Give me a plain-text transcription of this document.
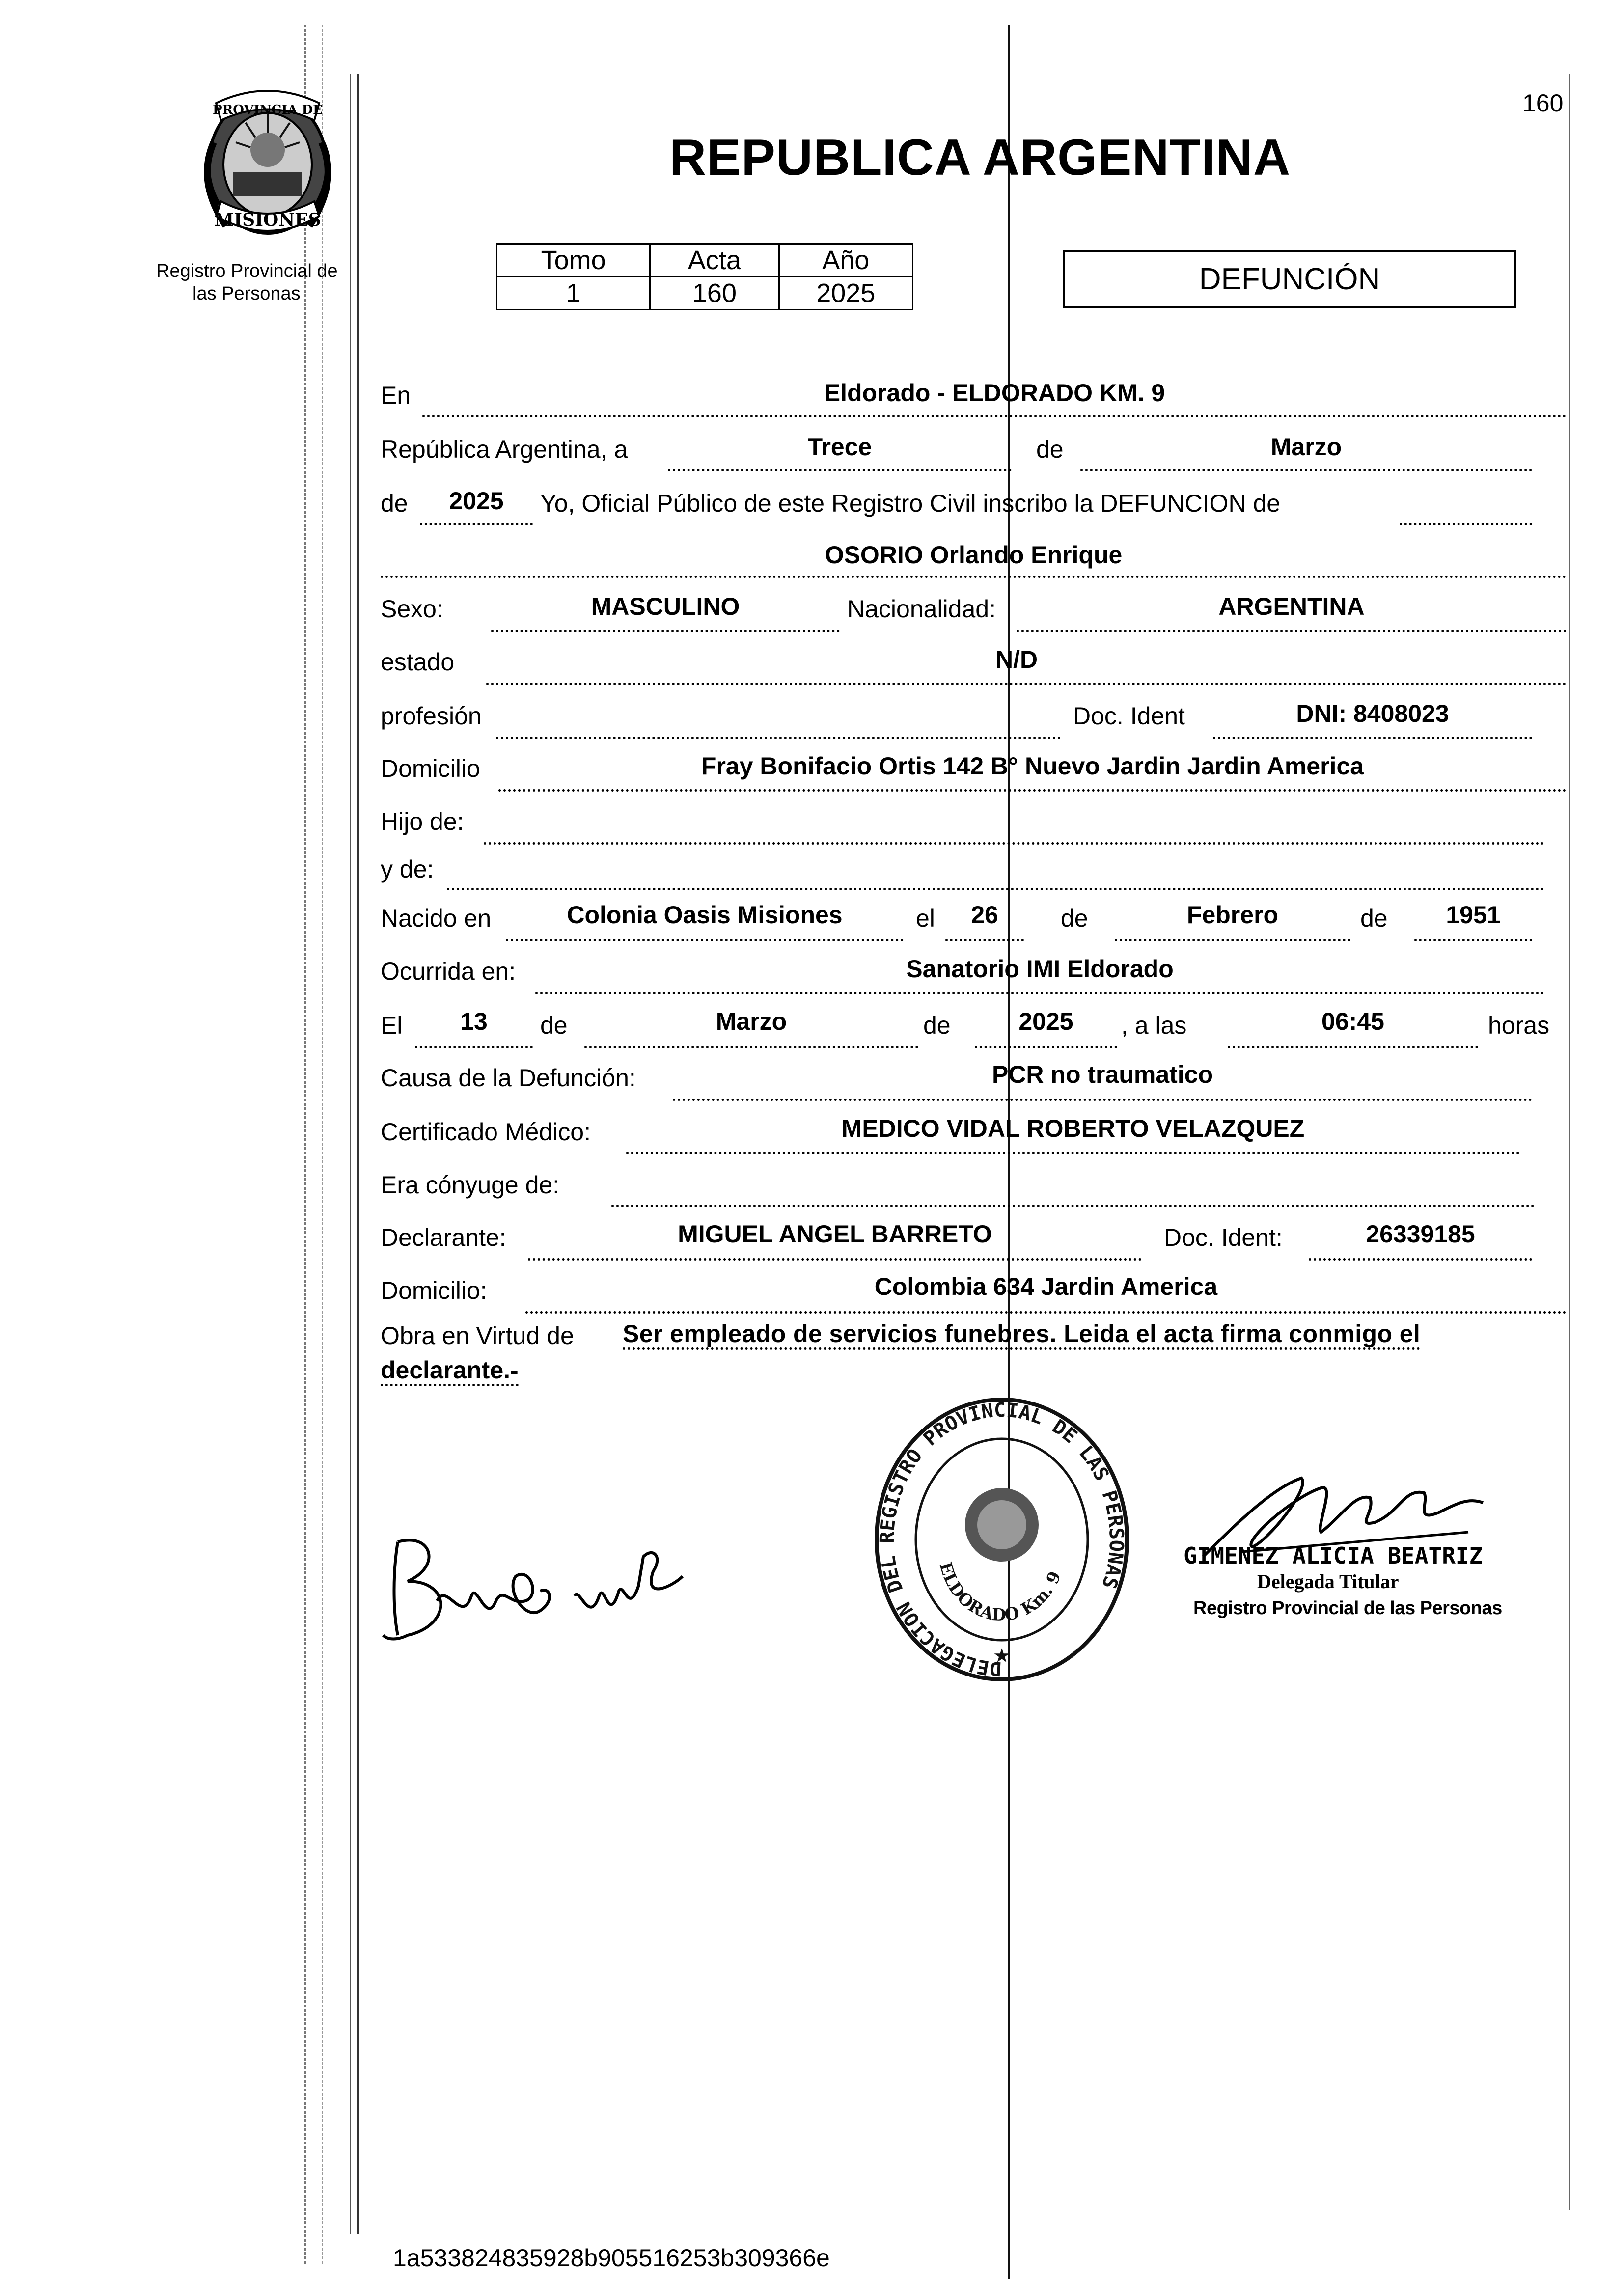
160
PROVINCIA DE
MISIONES
Registro Provincial de
las Personas
REPUBLICA ARGENTINA
Tomo	Acta	Año
1	160	2025	DEFUNCIÓN
En	Eldorado - ELDORADO KM. 9
República Argentina, a	Trece	de	Marzo
de	2025	Yo, Oficial Público de este Registro Civil inscribo la DEFUNCION de
OSORIO Orlando Enrique
Sexo:	MASCULINO	Nacionalidad:	ARGENTINA
estado	N/D
profesión	Doc. Ident	DNI: 8408023
Domicilio	Fray Bonifacio Ortis 142 B° Nuevo Jardin Jardin America
Hijo de:
y de:
Nacido en	Colonia Oasis Misiones	el	26	de	Febrero	de	1951
Ocurrida en:	Sanatorio IMI Eldorado
El	13	de	Marzo	de	2025	, a las	06:45	horas
Causa de la Defunción:	PCR no traumatico
Certificado Médico:	MEDICO VIDAL ROBERTO VELAZQUEZ
Era cónyuge de:
Declarante:	MIGUEL ANGEL BARRETO	Doc. Ident:	26339185
Domicilio:	Colombia 634 Jardin America
Obra en Virtud de Ser empleado de servicios funebres. Leida el acta firma conmigo el
declarante.-
DELEGACION DEL REGISTRO PROVINCIAL DE LAS PERSONAS
ELDORADO Km. 9
★
GIMENEZ ALICIA BEATRIZ
Delegada Titular
Registro Provincial de las Personas
1a533824835928b905516253b309366e
